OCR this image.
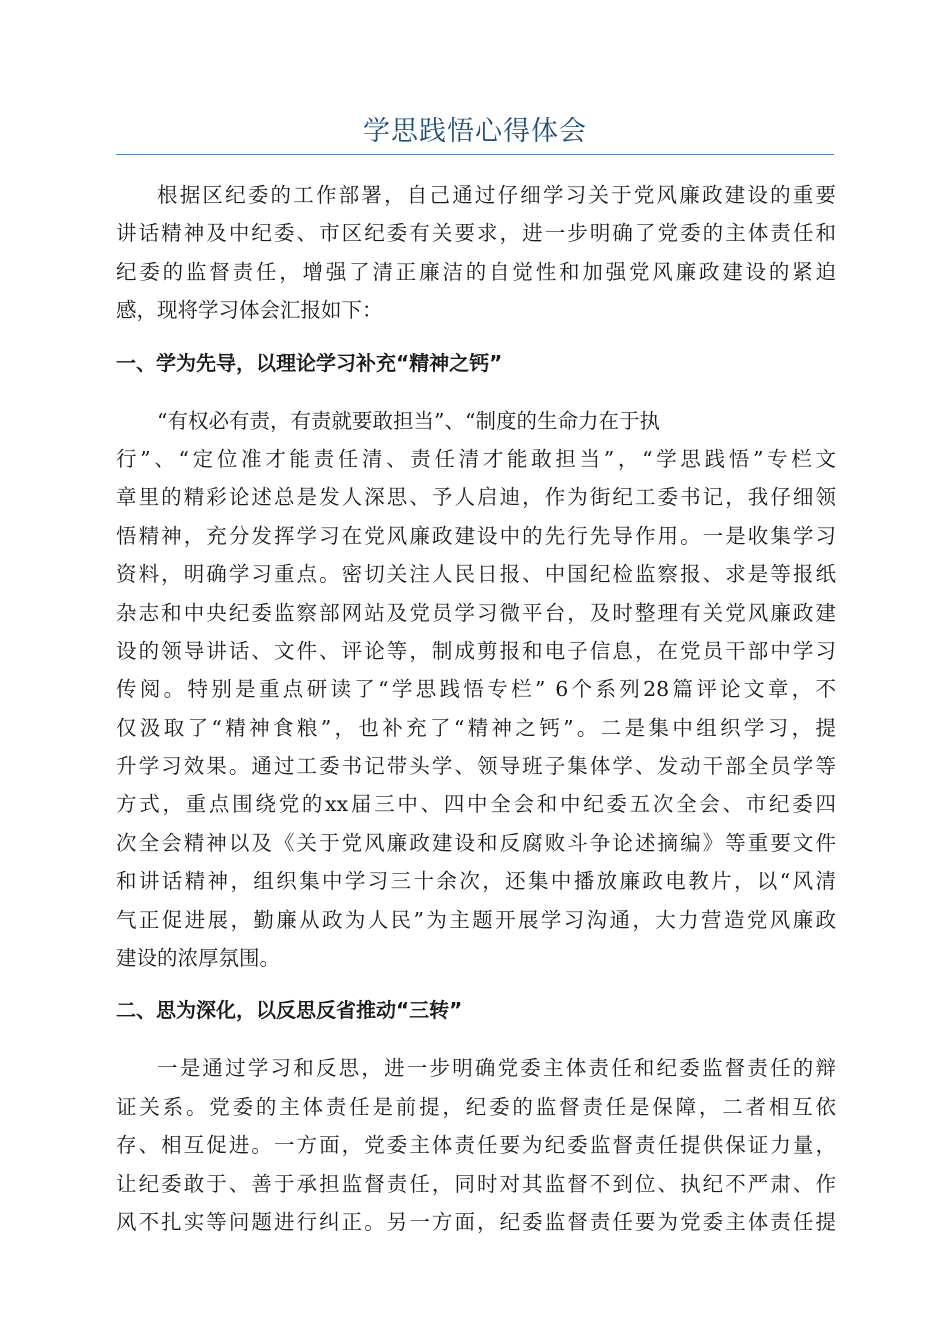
学思践悟心得体会
根据区纪委的工作部署，自己通过仔细学习关于党风廉政建设的重要
讲话精神及中纪委、市区纪委有关要求，进一步明确了党委的主体责任和
纪委的监督责任，增强了清正廉洁的自觉性和加强党风廉政建设的紧迫
感，现将学习体会汇报如下：
一、学为先导，以理论学习补充“精神之钙”
“有权必有责，有责就要敢担当”、“制度的生命力在于执
行”、“定位准才能责任清、责任清才能敢担当”，“学思践悟”专栏文
章里的精彩论述总是发人深思、予人启迪，作为街纪工委书记，我仔细领
悟精神，充分发挥学习在党风廉政建设中的先行先导作用。一是收集学习
资料，明确学习重点。密切关注人民日报、中国纪检监察报、求是等报纸
杂志和中央纪委监察部网站及党员学习微平台，及时整理有关党风廉政建
设的领导讲话、文件、评论等，制成剪报和电子信息，在党员干部中学习
传阅。特别是重点研读了“学思践悟专栏” 6个系列28篇评论文章，不
仅汲取了“精神食粮”，也补充了“精神之钙”。二是集中组织学习，提
升学习效果。通过工委书记带头学、领导班子集体学、发动干部全员学等
方式，重点围绕党的xx届三中、四中全会和中纪委五次全会、市纪委四
次全会精神以及《关于党风廉政建设和反腐败斗争论述摘编》等重要文件
和讲话精神，组织集中学习三十余次，还集中播放廉政电教片，以“风清
气正促进展，勤廉从政为人民”为主题开展学习沟通，大力营造党风廉政
建设的浓厚氛围。
二、思为深化，以反思反省推动“三转”
一是通过学习和反思，进一步明确党委主体责任和纪委监督责任的辩
证关系。党委的主体责任是前提，纪委的监督责任是保障，二者相互依
存、相互促进。一方面，党委主体责任要为纪委监督责任提供保证力量，
让纪委敢于、善于承担监督责任，同时对其监督不到位、执纪不严肃、作
风不扎实等问题进行纠正。另一方面，纪委监督责任要为党委主体责任提
